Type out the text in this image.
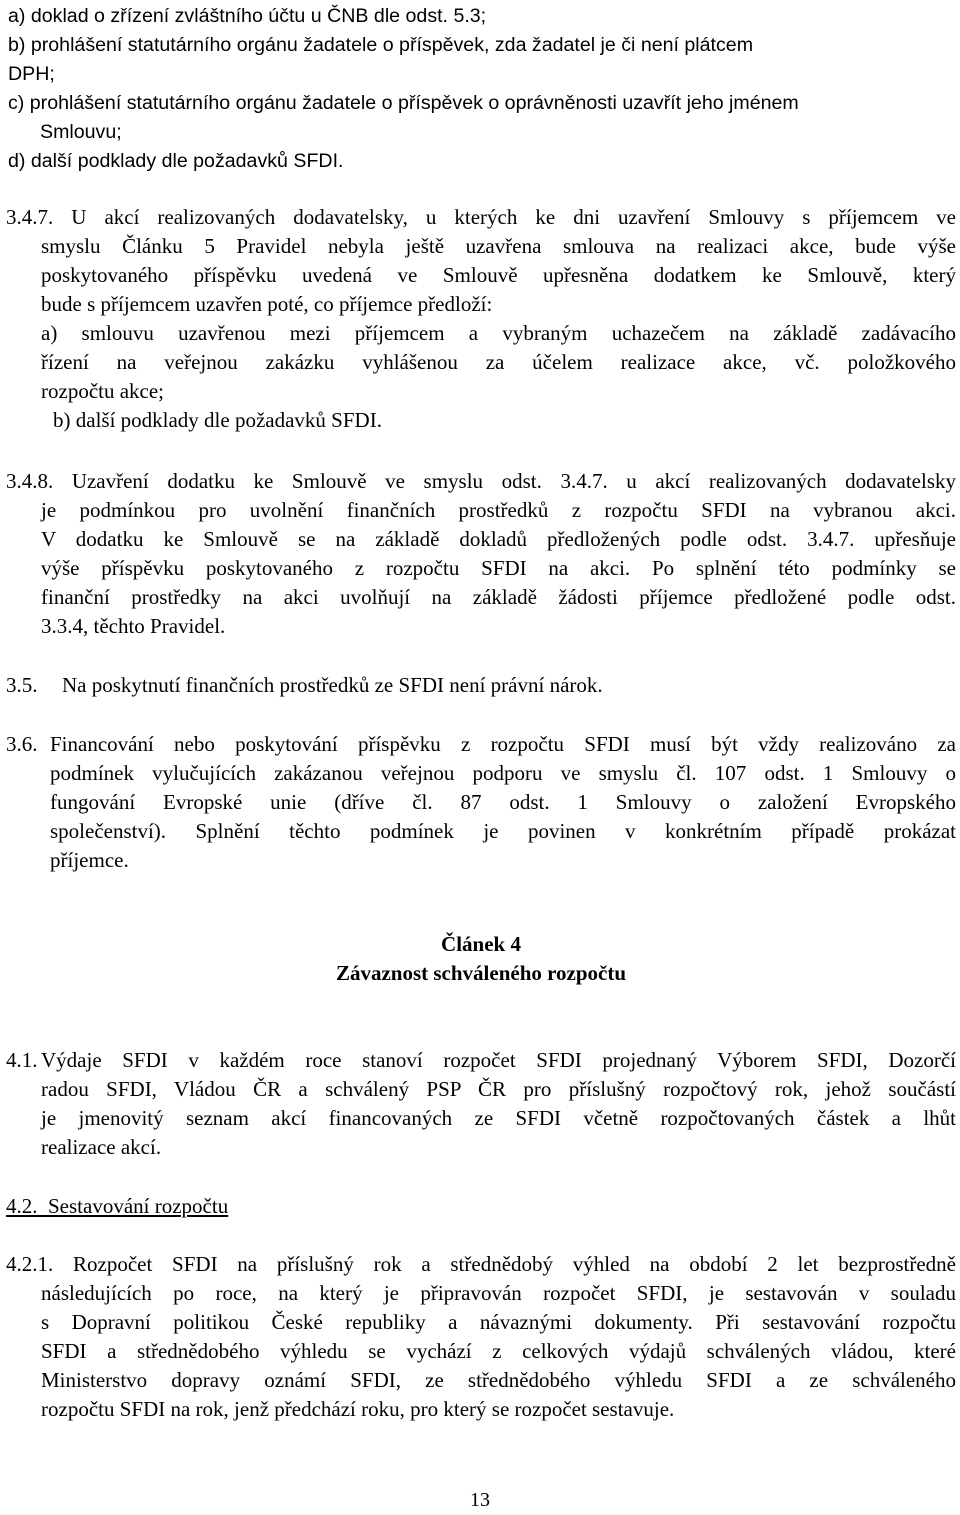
a) doklad o zřízení zvláštního účtu u ČNB dle odst. 5.3;
b) prohlášení statutárního orgánu žadatele o příspěvek, zda žadatel je či není plátcem
DPH;
c) prohlášení statutárního orgánu žadatele o příspěvek o oprávněnosti uzavřít jeho jménem
Smlouvu;
d) další podklady dle požadavků SFDI.
3.4.7. U akcí realizovaných dodavatelsky, u kterých ke dni uzavření Smlouvy s příjemcem ve
smyslu Článku 5 Pravidel nebyla ještě uzavřena smlouva na realizaci akce, bude výše
poskytovaného příspěvku uvedená ve Smlouvě upřesněna dodatkem ke Smlouvě, který
bude s příjemcem uzavřen poté, co příjemce předloží:
a) smlouvu uzavřenou mezi příjemcem a vybraným uchazečem na základě zadávacího
řízení na veřejnou zakázku vyhlášenou za účelem realizace akce, vč. položkového
rozpočtu akce;
b) další podklady dle požadavků SFDI.
3.4.8. Uzavření dodatku ke Smlouvě ve smyslu odst. 3.4.7. u akcí realizovaných dodavatelsky
je podmínkou pro uvolnění finančních prostředků z rozpočtu SFDI na vybranou akci.
V dodatku ke Smlouvě se na základě dokladů předložených podle odst. 3.4.7. upřesňuje
výše příspěvku poskytovaného z rozpočtu SFDI na akci. Po splnění této podmínky se
finanční prostředky na akci uvolňují na základě žádosti příjemce předložené podle odst.
3.3.4, těchto Pravidel.
3.5. Na poskytnutí finančních prostředků ze SFDI není právní nárok.
3.6. Financování nebo poskytování příspěvku z rozpočtu SFDI musí být vždy realizováno za
podmínek vylučujících zakázanou veřejnou podporu ve smyslu čl. 107 odst. 1 Smlouvy o
fungování Evropské unie (dříve čl. 87 odst. 1 Smlouvy o založení Evropského
společenství). Splnění těchto podmínek je povinen v konkrétním případě prokázat
příjemce.
Článek 4
Závaznost schváleného rozpočtu
4.1. Výdaje SFDI v každém roce stanoví rozpočet SFDI projednaný Výborem SFDI, Dozorčí
radou SFDI, Vládou ČR a schválený PSP ČR pro příslušný rozpočtový rok, jehož součástí
je jmenovitý seznam akcí financovaných ze SFDI včetně rozpočtovaných částek a lhůt
realizace akcí.
4.2. Sestavování rozpočtu
4.2.1. Rozpočet SFDI na příslušný rok a střednědobý výhled na období 2 let bezprostředně
následujících po roce, na který je připravován rozpočet SFDI, je sestavován v souladu
s Dopravní politikou České republiky a návaznými dokumenty. Při sestavování rozpočtu
SFDI a střednědobého výhledu se vychází z celkových výdajů schválených vládou, které
Ministerstvo dopravy oznámí SFDI, ze střednědobého výhledu SFDI a ze schváleného
rozpočtu SFDI na rok, jenž předchází roku, pro který se rozpočet sestavuje.
13
